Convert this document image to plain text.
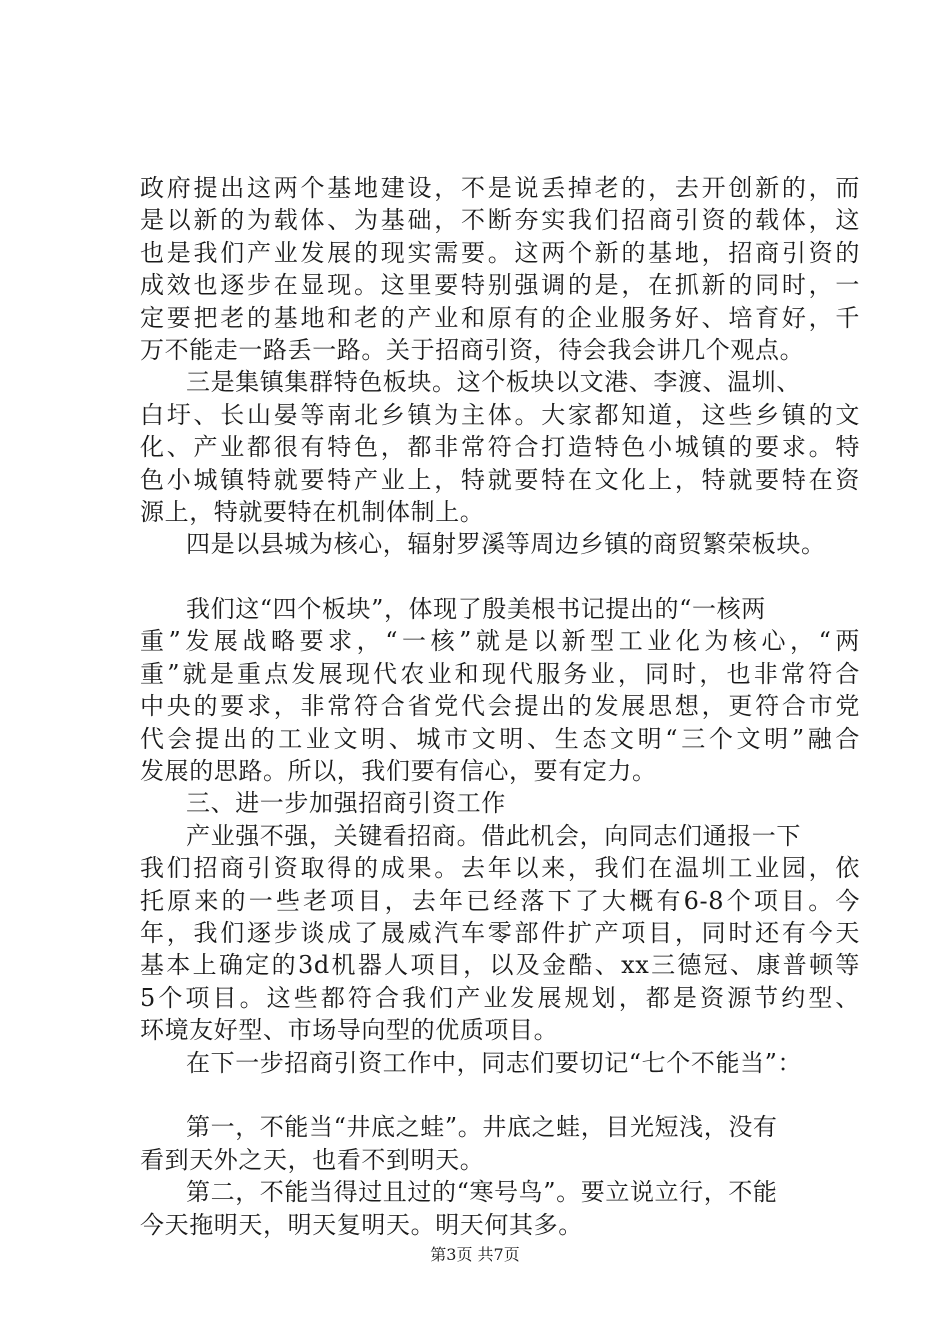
政府提出这两个基地建设，不是说丢掉老的，去开创新的，而
是以新的为载体、为基础，不断夯实我们招商引资的载体，这
也是我们产业发展的现实需要。这两个新的基地，招商引资的
成效也逐步在显现。这里要特别强调的是，在抓新的同时，一
定要把老的基地和老的产业和原有的企业服务好、培育好，千
万不能走一路丢一路。关于招商引资，待会我会讲几个观点。
三是集镇集群特色板块。这个板块以文港、李渡、温圳、
白圩、长山晏等南北乡镇为主体。大家都知道，这些乡镇的文
化、产业都很有特色，都非常符合打造特色小城镇的要求。特
色小城镇特就要特产业上，特就要特在文化上，特就要特在资
源上，特就要特在机制体制上。
四是以县城为核心，辐射罗溪等周边乡镇的商贸繁荣板块。
我们这“四个板块”，体现了殷美根书记提出的“一核两
重”发展战略要求，“一核”就是以新型工业化为核心，“两
重”就是重点发展现代农业和现代服务业，同时，也非常符合
中央的要求，非常符合省党代会提出的发展思想，更符合市党
代会提出的工业文明、城市文明、生态文明“三个文明”融合
发展的思路。所以，我们要有信心，要有定力。
三、进一步加强招商引资工作
产业强不强，关键看招商。借此机会，向同志们通报一下
我们招商引资取得的成果。去年以来，我们在温圳工业园，依
托原来的一些老项目，去年已经落下了大概有6-8个项目。今
年，我们逐步谈成了晟威汽车零部件扩产项目，同时还有今天
基本上确定的3d机器人项目，以及金酷、xx三德冠、康普顿等
5个项目。这些都符合我们产业发展规划，都是资源节约型、
环境友好型、市场导向型的优质项目。
在下一步招商引资工作中，同志们要切记“七个不能当”：
第一，不能当“井底之蛙”。井底之蛙，目光短浅，没有
看到天外之天，也看不到明天。
第二，不能当得过且过的“寒号鸟”。要立说立行，不能
今天拖明天，明天复明天。明天何其多。
第3页 共7页
